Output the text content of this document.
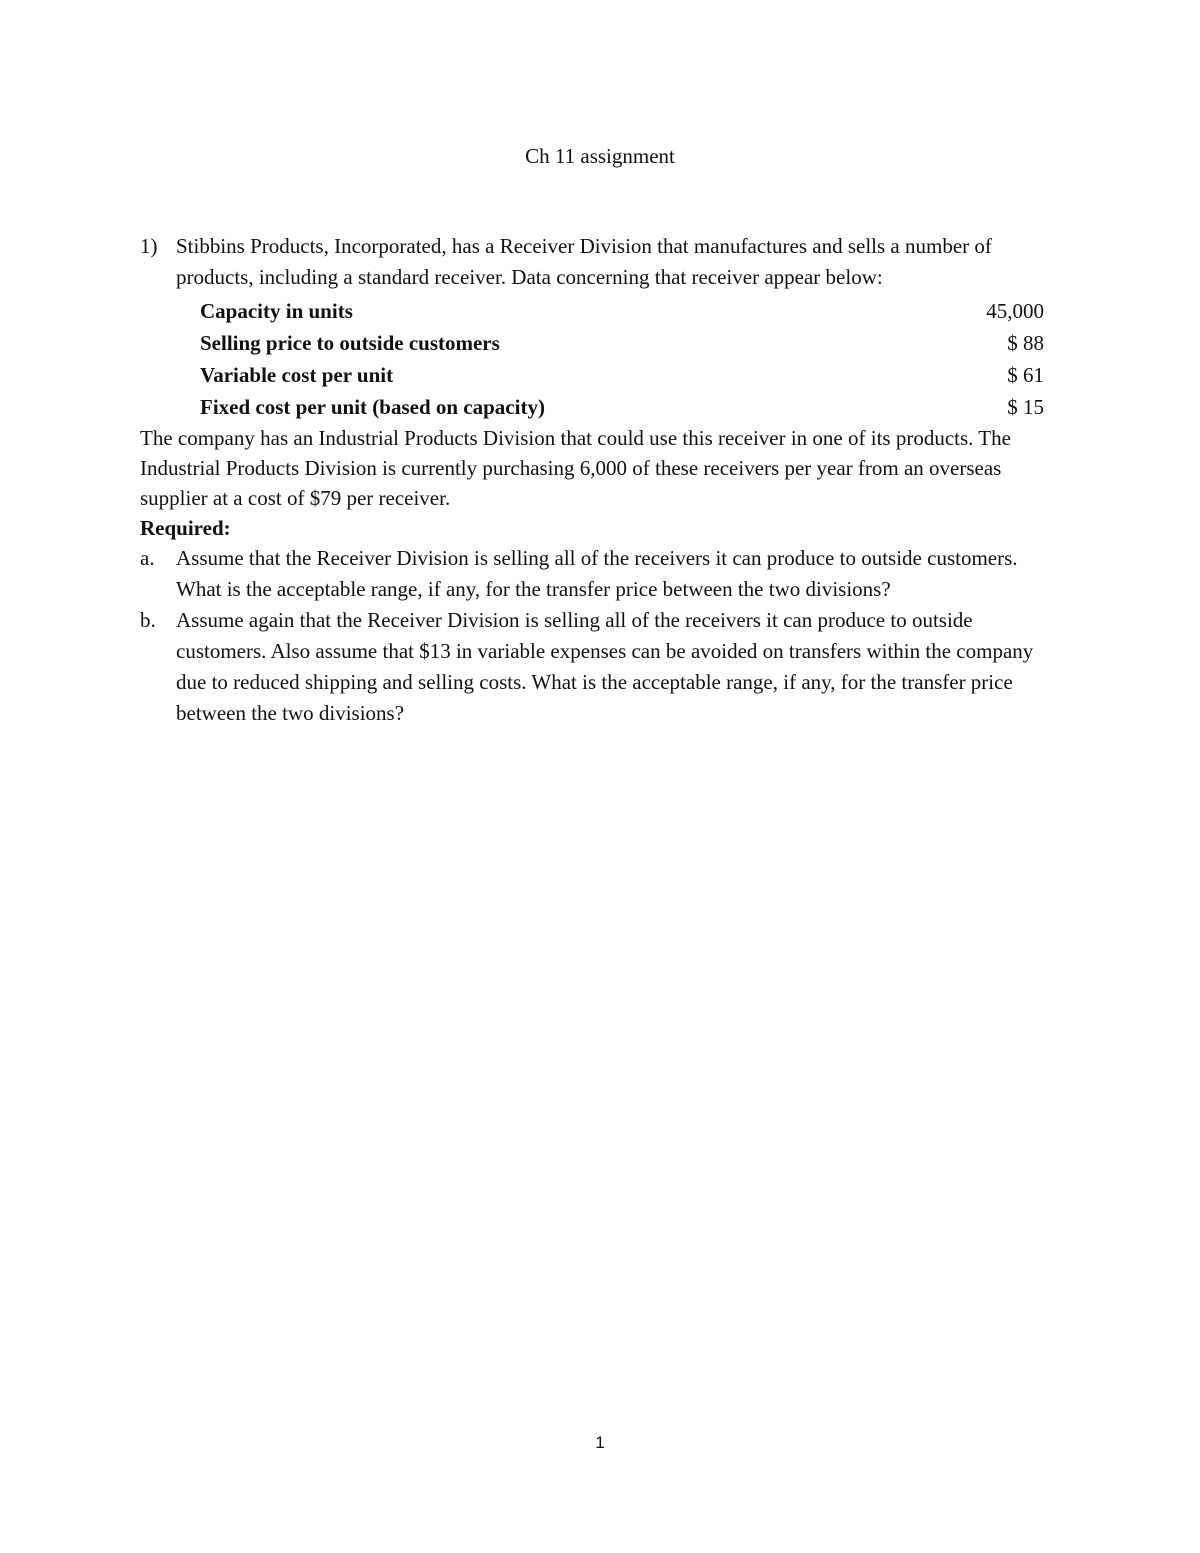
Ch 11 assignment
1) Stibbins Products, Incorporated, has a Receiver Division that manufactures and sells a number of products, including a standard receiver. Data concerning that receiver appear below:

Capacity in units	45,000
Selling price to outside customers	$ 88
Variable cost per unit	$ 61
Fixed cost per unit (based on capacity)	$ 15

The company has an Industrial Products Division that could use this receiver in one of its products. The Industrial Products Division is currently purchasing 6,000 of these receivers per year from an overseas supplier at a cost of $79 per receiver.

Required:
a.	Assume that the Receiver Division is selling all of the receivers it can produce to outside customers. What is the acceptable range, if any, for the transfer price between the two divisions?
b. Assume again that the Receiver Division is selling all of the receivers it can produce to outside customers. Also assume that $13 in variable expenses can be avoided on transfers within the company due to reduced shipping and selling costs. What is the acceptable range, if any, for the transfer price between the two divisions?
1
